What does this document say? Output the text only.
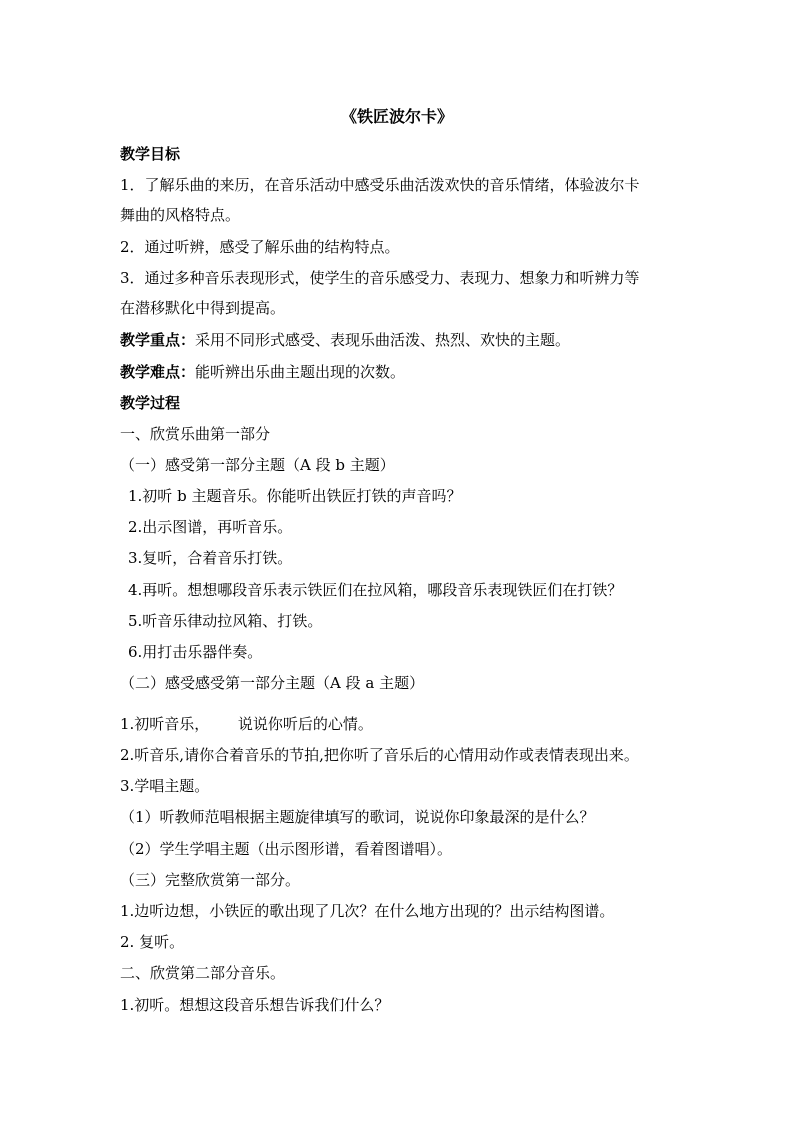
《铁匠波尔卡》
教学目标
1．了解乐曲的来历，在音乐活动中感受乐曲活泼欢快的音乐情绪，体验波尔卡
舞曲的风格特点。
2．通过听辨，感受了解乐曲的结构特点。
3．通过多种音乐表现形式，使学生的音乐感受力、表现力、想象力和听辨力等
在潜移默化中得到提高。
教学重点：采用不同形式感受、表现乐曲活泼、热烈、欢快的主题。
教学难点：能听辨出乐曲主题出现的次数。
教学过程
一、欣赏乐曲第一部分
（一）感受第一部分主题（A 段 b 主题）
1.初听 b 主题音乐。你能听出铁匠打铁的声音吗？
2.出示图谱，再听音乐。
3.复听，合着音乐打铁。
4.再听。想想哪段音乐表示铁匠们在拉风箱，哪段音乐表现铁匠们在打铁？
5.听音乐律动拉风箱、打铁。
6.用打击乐器伴奏。
（二）感受感受第一部分主题（A 段 a 主题）
1.初听音乐，      说说你听后的心情。
2.听音乐,请你合着音乐的节拍,把你听了音乐后的心情用动作或表情表现出来。
3.学唱主题。
（1）听教师范唱根据主题旋律填写的歌词，说说你印象最深的是什么？
（2）学生学唱主题（出示图形谱，看着图谱唱）。
（三）完整欣赏第一部分。
1.边听边想，小铁匠的歌出现了几次？在什么地方出现的？出示结构图谱。
2. 复听。
二、欣赏第二部分音乐。
1.初听。想想这段音乐想告诉我们什么？
